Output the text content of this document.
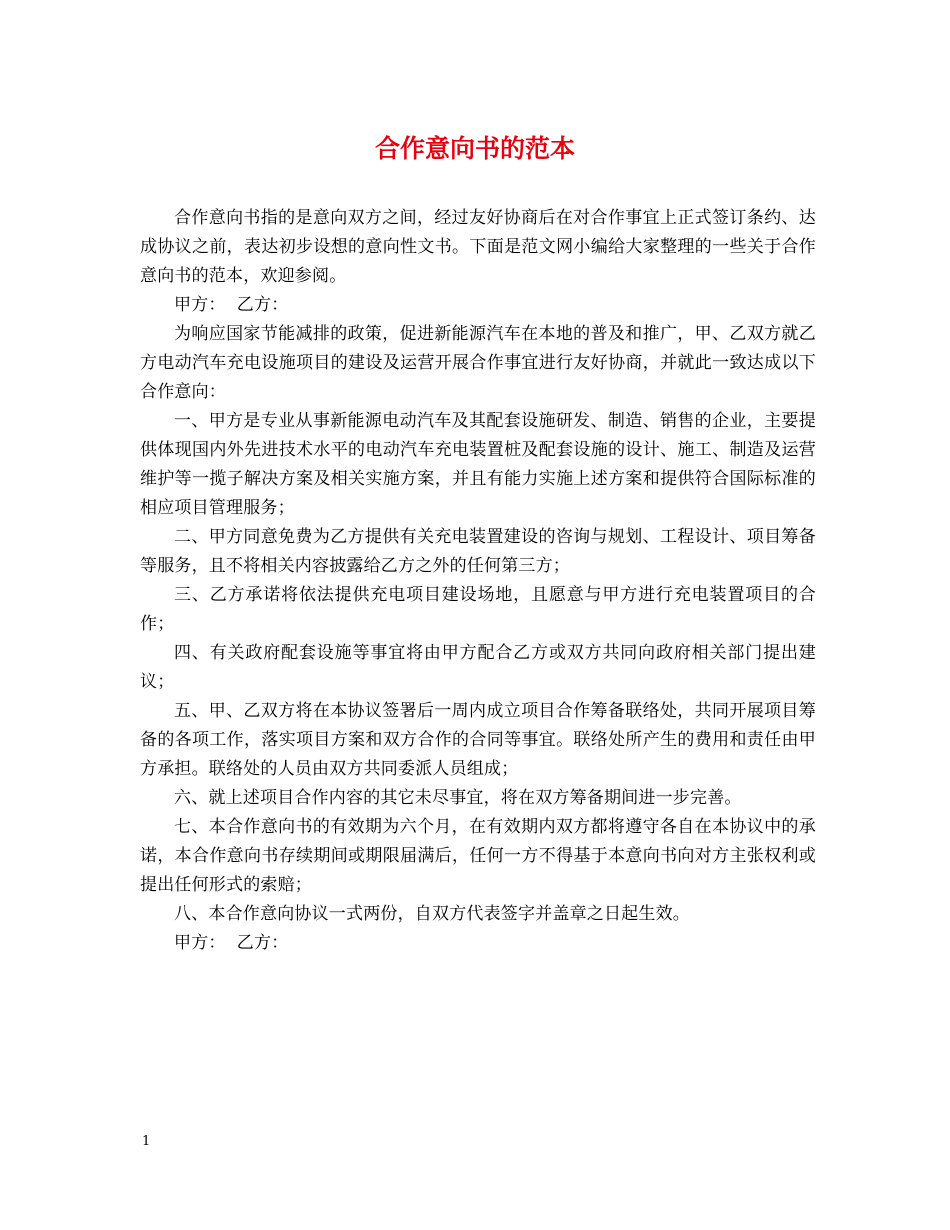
合作意向书的范本

合作意向书指的是意向双方之间，经过友好协商后在对合作事宜上正式签订条约、达成协议之前，表达初步设想的意向性文书。下面是范文网小编给大家整理的一些关于合作意向书的范本，欢迎参阅。

甲方：  乙方：

为响应国家节能减排的政策，促进新能源汽车在本地的普及和推广，甲、乙双方就乙方电动汽车充电设施项目的建设及运营开展合作事宜进行友好协商，并就此一致达成以下合作意向：

一、甲方是专业从事新能源电动汽车及其配套设施研发、制造、销售的企业，主要提供体现国内外先进技术水平的电动汽车充电装置桩及配套设施的设计、施工、制造及运营维护等一揽子解决方案及相关实施方案，并且有能力实施上述方案和提供符合国际标准的相应项目管理服务；

二、甲方同意免费为乙方提供有关充电装置建设的咨询与规划、工程设计、项目筹备等服务，且不将相关内容披露给乙方之外的任何第三方；

三、乙方承诺将依法提供充电项目建设场地，且愿意与甲方进行充电装置项目的合作；

四、有关政府配套设施等事宜将由甲方配合乙方或双方共同向政府相关部门提出建议；

五、甲、乙双方将在本协议签署后一周内成立项目合作筹备联络处，共同开展项目筹备的各项工作，落实项目方案和双方合作的合同等事宜。联络处所产生的费用和责任由甲方承担。联络处的人员由双方共同委派人员组成；

六、就上述项目合作内容的其它未尽事宜，将在双方筹备期间进一步完善。

七、本合作意向书的有效期为六个月，在有效期内双方都将遵守各自在本协议中的承诺，本合作意向书存续期间或期限届满后，任何一方不得基于本意向书向对方主张权利或提出任何形式的索赔；

八、本合作意向协议一式两份，自双方代表签字并盖章之日起生效。

甲方：  乙方：

1
